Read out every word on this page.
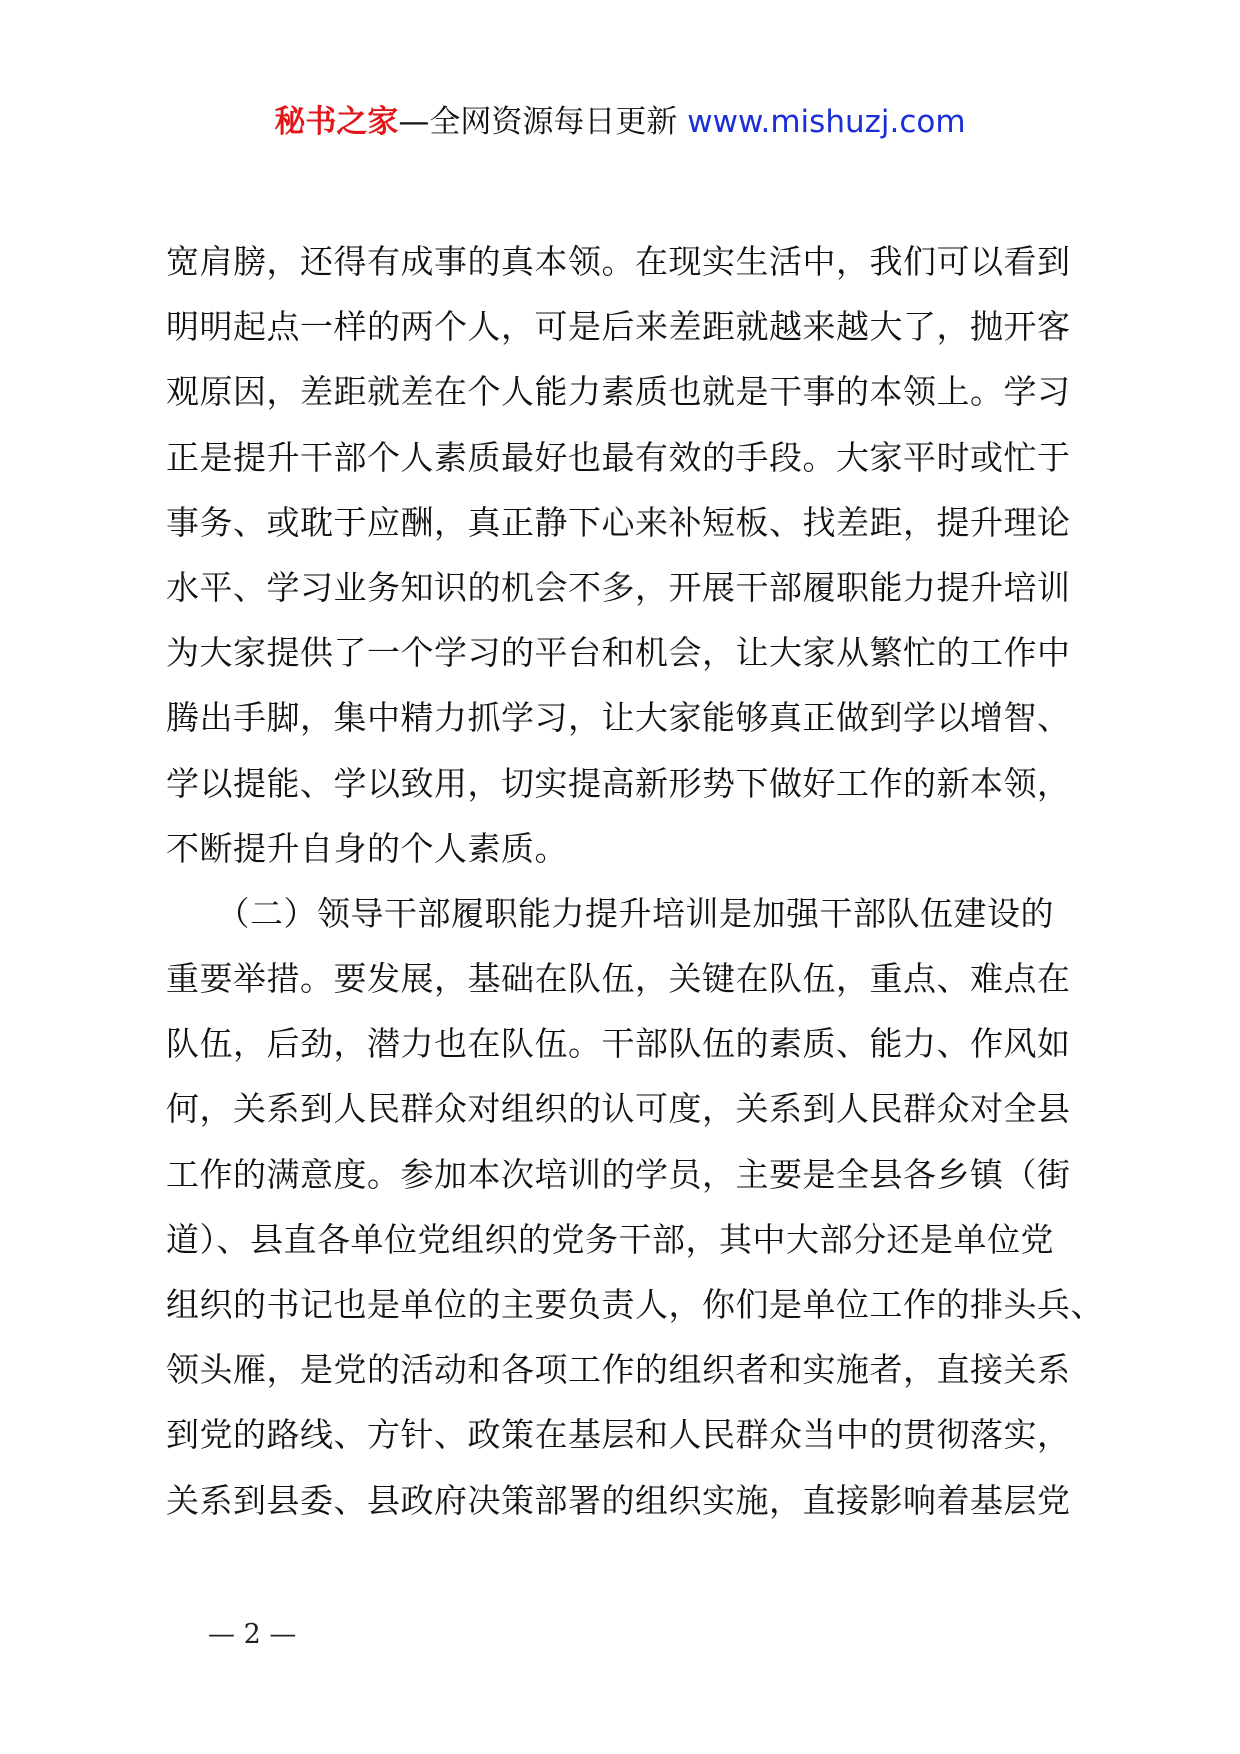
秘书之家—全网资源每日更新 www.mishuzj.com
宽肩膀，还得有成事的真本领。在现实生活中，我们可以看到
明明起点一样的两个人，可是后来差距就越来越大了，抛开客
观原因，差距就差在个人能力素质也就是干事的本领上。学习
正是提升干部个人素质最好也最有效的手段。大家平时或忙于
事务、或耽于应酬，真正静下心来补短板、找差距，提升理论
水平、学习业务知识的机会不多，开展干部履职能力提升培训
为大家提供了一个学习的平台和机会，让大家从繁忙的工作中
腾出手脚，集中精力抓学习，让大家能够真正做到学以增智、
学以提能、学以致用，切实提高新形势下做好工作的新本领，
不断提升自身的个人素质。
　　（二）领导干部履职能力提升培训是加强干部队伍建设的
重要举措。要发展，基础在队伍，关键在队伍，重点、难点在
队伍，后劲，潜力也在队伍。干部队伍的素质、能力、作风如
何，关系到人民群众对组织的认可度，关系到人民群众对全县
工作的满意度。参加本次培训的学员，主要是全县各乡镇（街
道）、县直各单位党组织的党务干部，其中大部分还是单位党
组织的书记也是单位的主要负责人，你们是单位工作的排头兵、
领头雁，是党的活动和各项工作的组织者和实施者，直接关系
到党的路线、方针、政策在基层和人民群众当中的贯彻落实，
关系到县委、县政府决策部署的组织实施，直接影响着基层党
— 2 —
